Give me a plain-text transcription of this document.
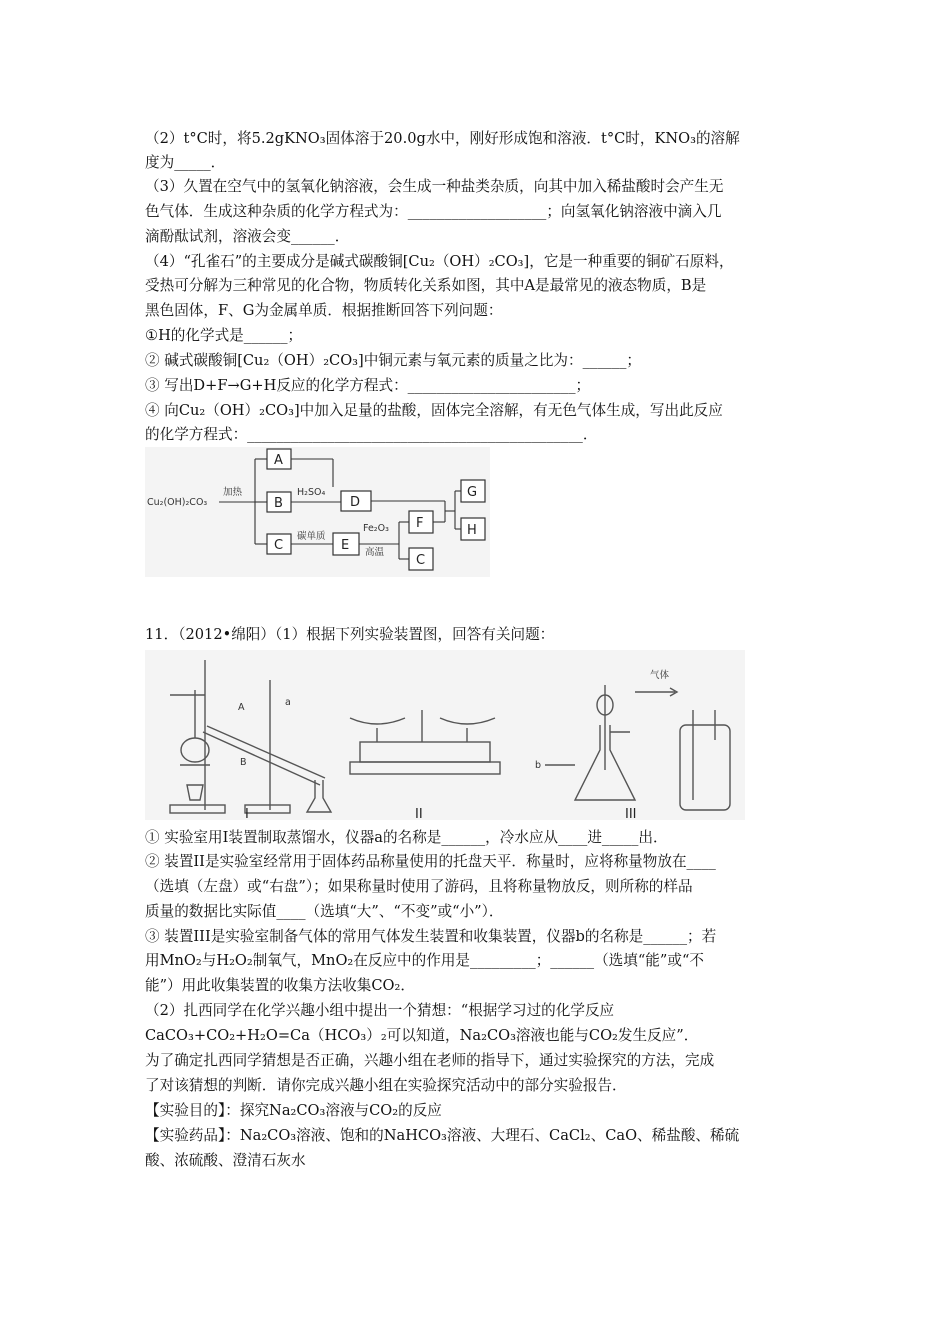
（2）t°C时，将5.2gKNO₃固体溶于20.0g水中，刚好形成饱和溶液．t°C时，KNO₃的溶解
度为_____．
（3）久置在空气中的氢氧化钠溶液，会生成一种盐类杂质，向其中加入稀盐酸时会产生无
色气体．生成这种杂质的化学方程式为：___________________；向氢氧化钠溶液中滴入几
滴酚酞试剂，溶液会变______．
（4）“孔雀石”的主要成分是碱式碳酸铜[Cu₂（OH）₂CO₃]，它是一种重要的铜矿石原料，
受热可分解为三种常见的化合物，物质转化关系如图，其中A是最常见的液态物质，B是
黑色固体，F、G为金属单质．根据推断回答下列问题：
①H的化学式是______；
② 碱式碳酸铜[Cu₂（OH）₂CO₃]中铜元素与氧元素的质量之比为：______；
③ 写出D+F→G+H反应的化学方程式：_______________________；
④ 向Cu₂（OH）₂CO₃]中加入足量的盐酸，固体完全溶解，有无色气体生成，写出此反应
的化学方程式：______________________________________________．
Cu₂(OH)₂CO₃
加热
A
B
C
H₂SO₄
D
碳单质
E
Fe₂O₃
高温
F
C
G
H
11．（2012•绵阳）（1）根据下列实验装置图，回答有关问题：
A	a
B
I	II
b
气体
III
① 实验室用I装置制取蒸馏水，仪器a的名称是______，冷水应从____进_____出．
② 装置II是实验室经常用于固体药品称量使用的托盘天平．称量时，应将称量物放在____
（选填（左盘）或“右盘”）；如果称量时使用了游码，且将称量物放反，则所称的样品
质量的数据比实际值____（选填“大”、“不变”或“小”）．
③ 装置III是实验室制备气体的常用气体发生装置和收集装置，仪器b的名称是______；若
用MnO₂与H₂O₂制氧气，MnO₂在反应中的作用是_________；______（选填“能”或“不
能”）用此收集装置的收集方法收集CO₂．
（2）扎西同学在化学兴趣小组中提出一个猜想：“根据学习过的化学反应
CaCO₃+CO₂+H₂O=Ca（HCO₃）₂可以知道，Na₂CO₃溶液也能与CO₂发生反应”．
为了确定扎西同学猜想是否正确，兴趣小组在老师的指导下，通过实验探究的方法，完成
了对该猜想的判断．请你完成兴趣小组在实验探究活动中的部分实验报告．
【实验目的】：探究Na₂CO₃溶液与CO₂的反应
【实验药品】：Na₂CO₃溶液、饱和的NaHCO₃溶液、大理石、CaCl₂、CaO、稀盐酸、稀硫
酸、浓硫酸、澄清石灰水
